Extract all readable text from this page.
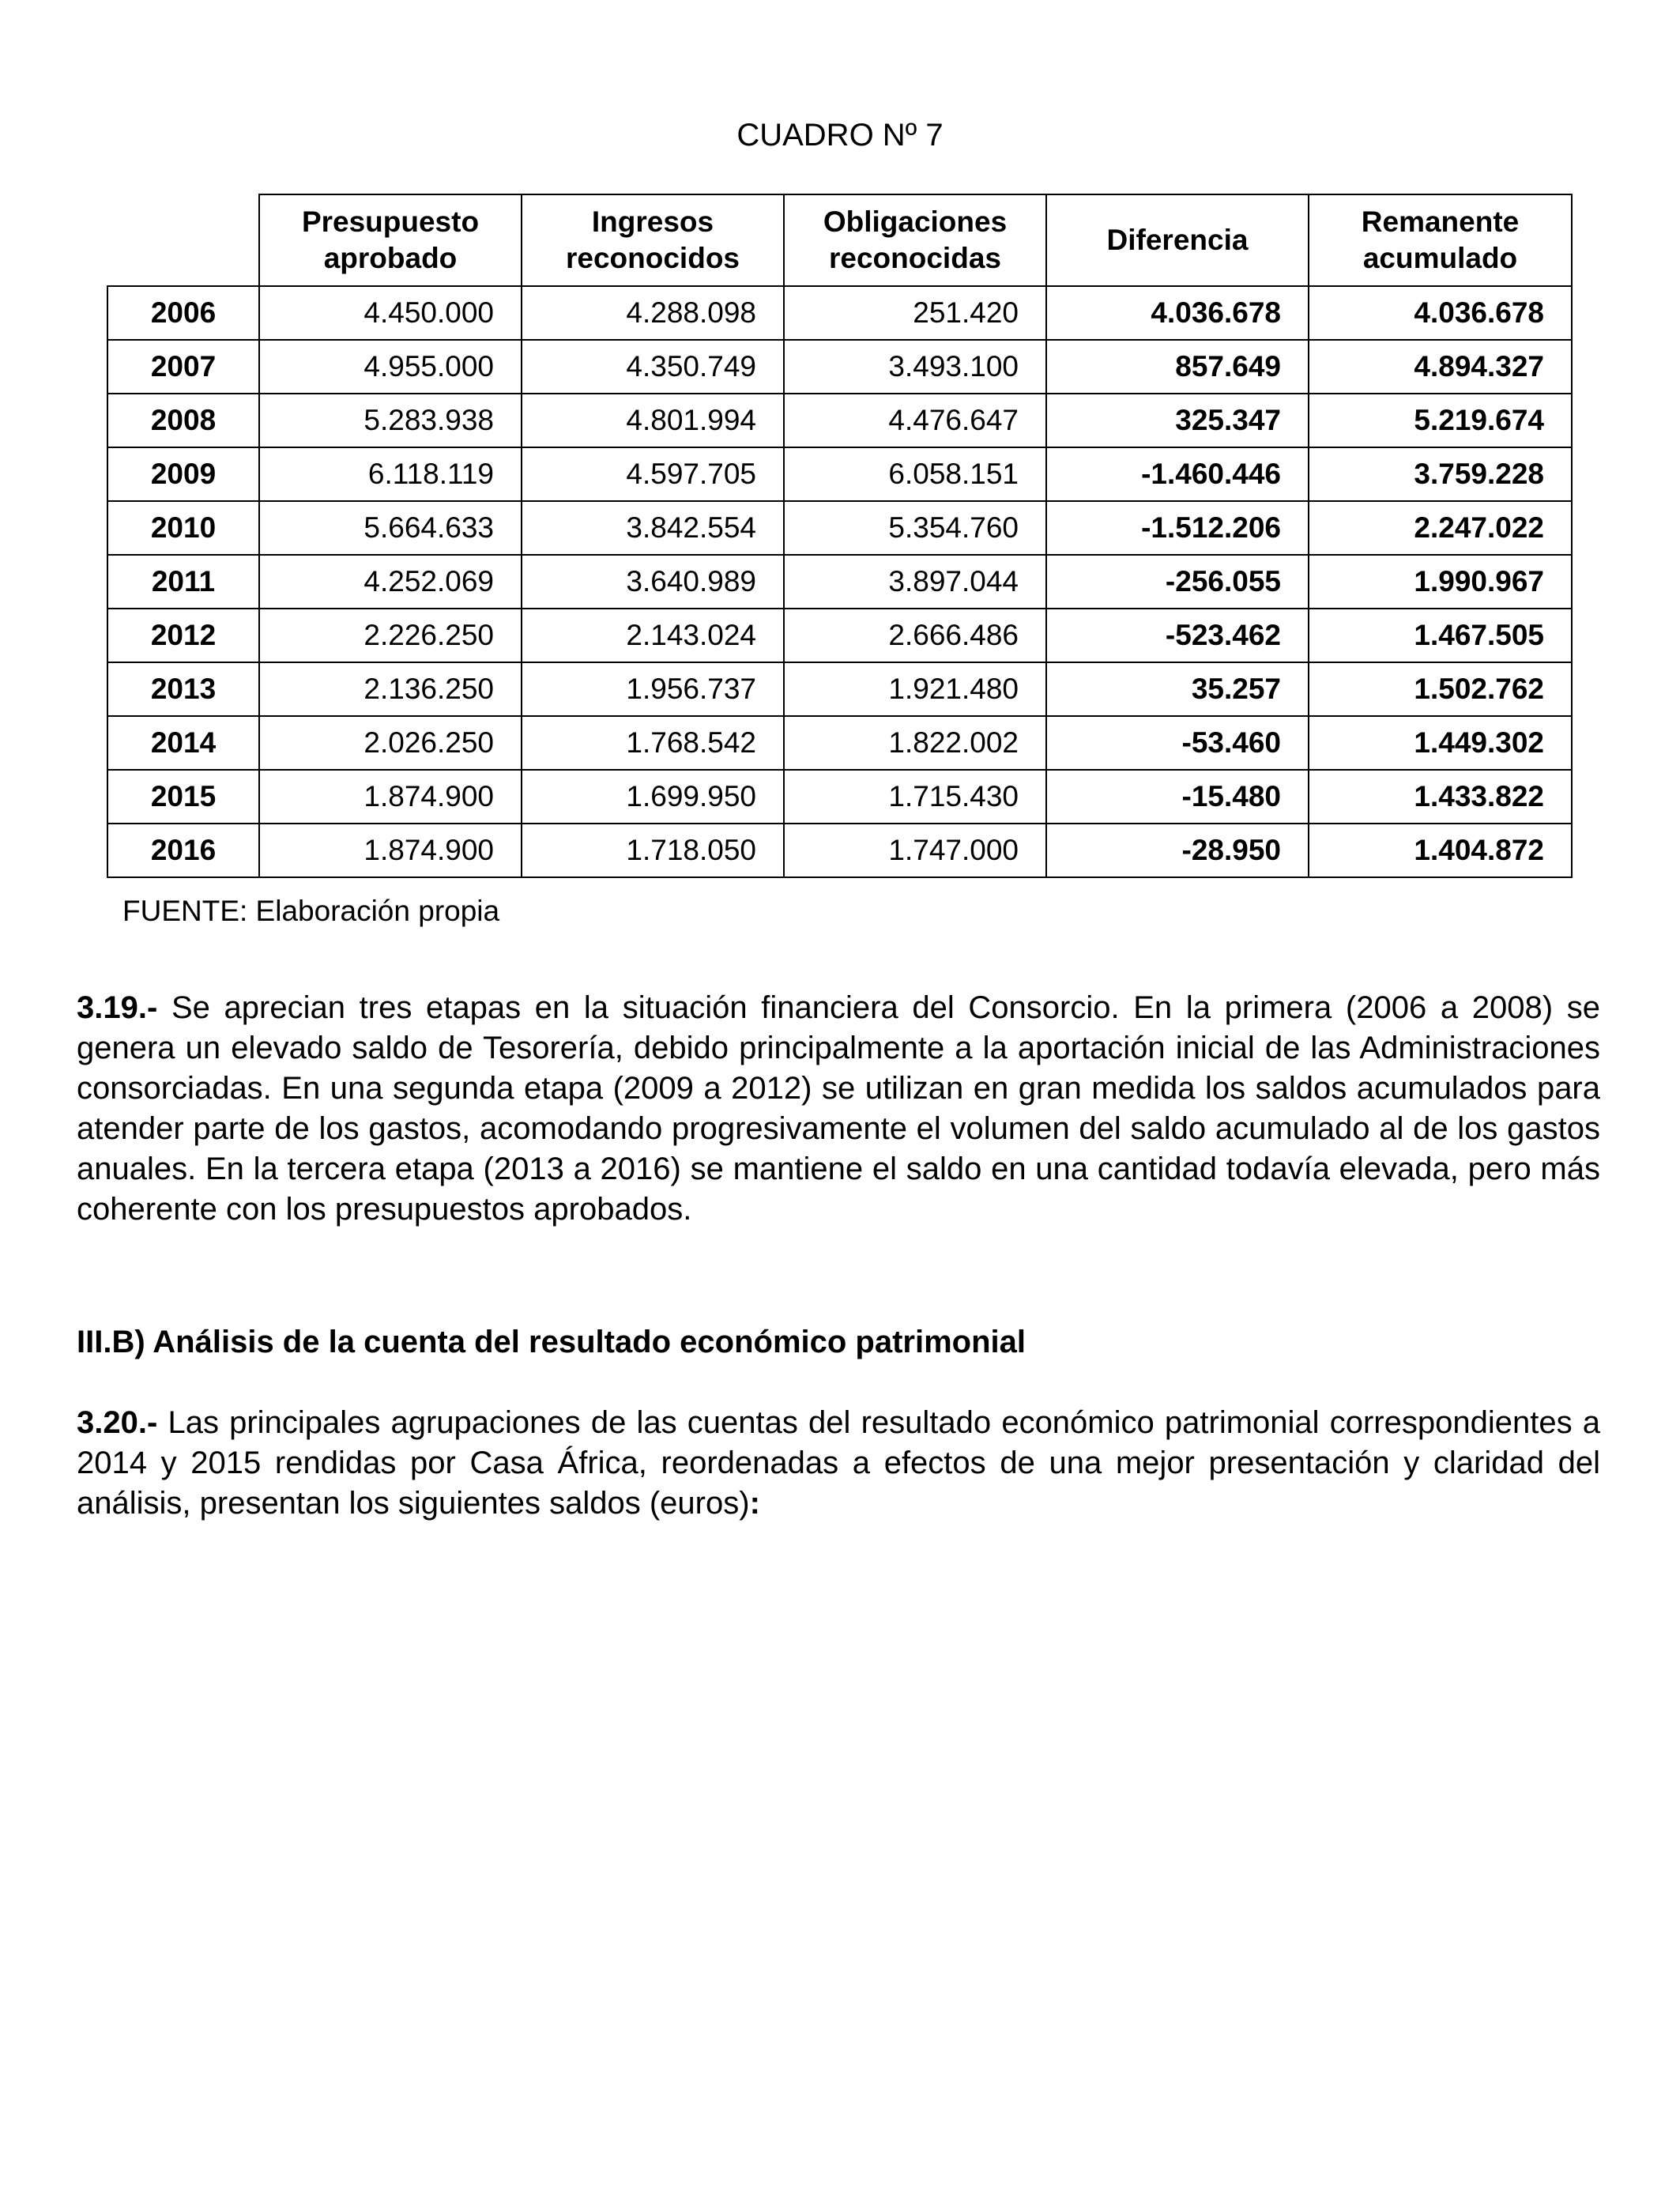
CUADRO Nº 7
	Presupuesto aprobado	Ingresos reconocidos	Obligaciones reconocidas	Diferencia	Remanente acumulado
2006	4.450.000	4.288.098	251.420	4.036.678	4.036.678
2007	4.955.000	4.350.749	3.493.100	857.649	4.894.327
2008	5.283.938	4.801.994	4.476.647	325.347	5.219.674
2009	6.118.119	4.597.705	6.058.151	-1.460.446	3.759.228
2010	5.664.633	3.842.554	5.354.760	-1.512.206	2.247.022
2011	4.252.069	3.640.989	3.897.044	-256.055	1.990.967
2012	2.226.250	2.143.024	2.666.486	-523.462	1.467.505
2013	2.136.250	1.956.737	1.921.480	35.257	1.502.762
2014	2.026.250	1.768.542	1.822.002	-53.460	1.449.302
2015	1.874.900	1.699.950	1.715.430	-15.480	1.433.822
2016	1.874.900	1.718.050	1.747.000	-28.950	1.404.872
FUENTE: Elaboración propia
3.19.- Se aprecian tres etapas en la situación financiera del Consorcio. En la primera (2006 a 2008) se genera un elevado saldo de Tesorería, debido principalmente a la aportación inicial de las Administraciones consorciadas. En una segunda etapa (2009 a 2012) se utilizan en gran medida los saldos acumulados para atender parte de los gastos, acomodando progresivamente el volumen del saldo acumulado al de los gastos anuales. En la tercera etapa (2013 a 2016) se mantiene el saldo en una cantidad todavía elevada, pero más coherente con los presupuestos aprobados.
III.B) Análisis de la cuenta del resultado económico patrimonial
3.20.- Las principales agrupaciones de las cuentas del resultado económico patrimonial correspondientes a 2014 y 2015 rendidas por Casa África, reordenadas a efectos de una mejor presentación y claridad del análisis, presentan los siguientes saldos (euros):
